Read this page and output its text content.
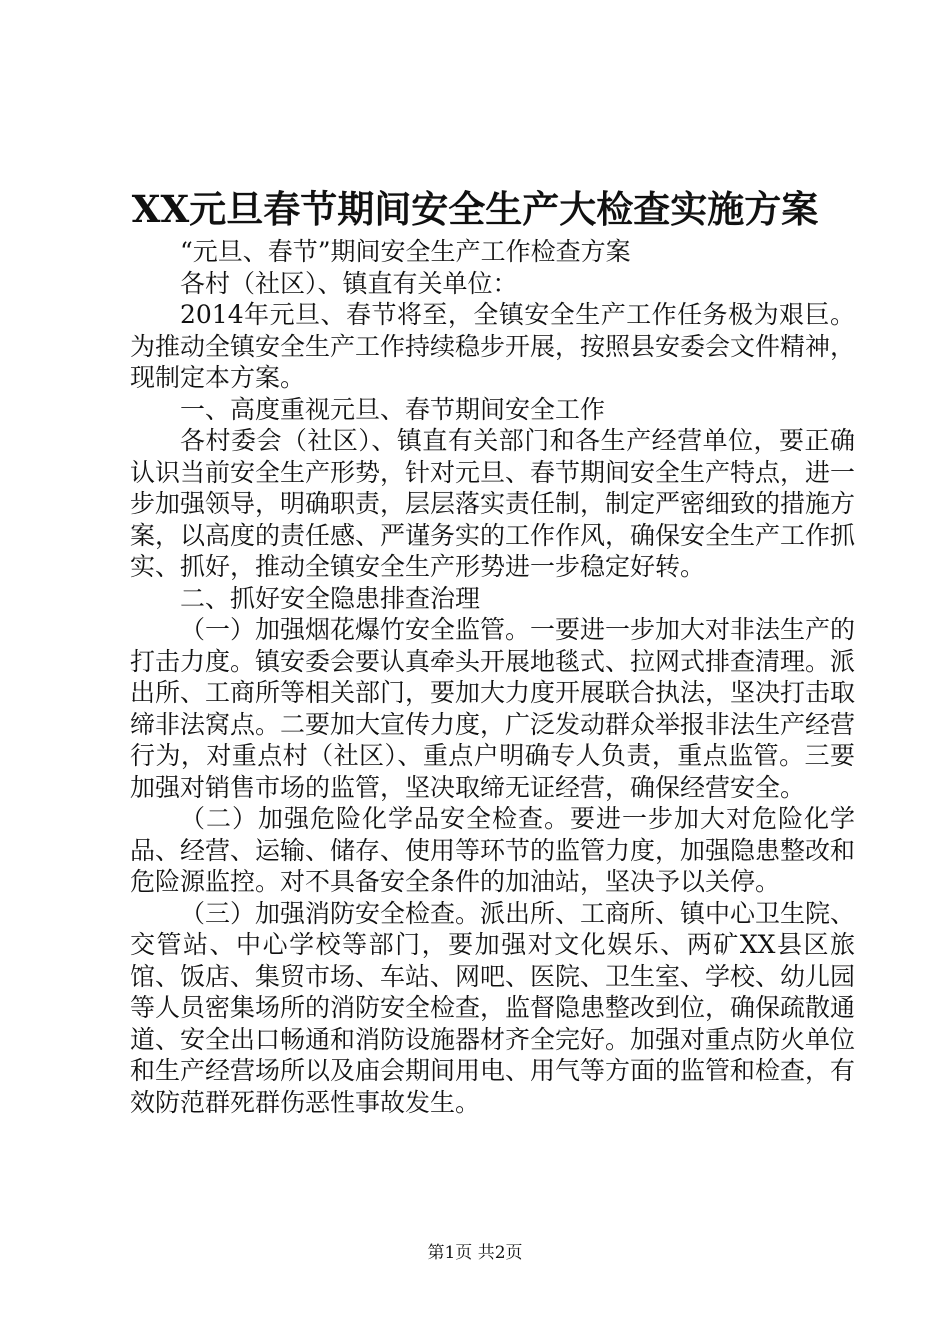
XX元旦春节期间安全生产大检查实施方案

“元旦、春节”期间安全生产工作检查方案

各村（社区）、镇直有关单位：

2014年元旦、春节将至，全镇安全生产工作任务极为艰巨。为推动全镇安全生产工作持续稳步开展，按照县安委会文件精神，现制定本方案。

一、高度重视元旦、春节期间安全工作

各村委会（社区）、镇直有关部门和各生产经营单位，要正确认识当前安全生产形势，针对元旦、春节期间安全生产特点，进一步加强领导，明确职责，层层落实责任制，制定严密细致的措施方案，以高度的责任感、严谨务实的工作作风，确保安全生产工作抓实、抓好，推动全镇安全生产形势进一步稳定好转。

二、抓好安全隐患排查治理

（一）加强烟花爆竹安全监管。一要进一步加大对非法生产的打击力度。镇安委会要认真牵头开展地毯式、拉网式排查清理。派出所、工商所等相关部门，要加大力度开展联合执法，坚决打击取缔非法窝点。二要加大宣传力度，广泛发动群众举报非法生产经营行为，对重点村（社区）、重点户明确专人负责，重点监管。三要加强对销售市场的监管，坚决取缔无证经营，确保经营安全。

（二）加强危险化学品安全检查。要进一步加大对危险化学品、经营、运输、储存、使用等环节的监管力度，加强隐患整改和危险源监控。对不具备安全条件的加油站，坚决予以关停。

（三）加强消防安全检查。派出所、工商所、镇中心卫生院、交管站、中心学校等部门，要加强对文化娱乐、两矿XX县区旅馆、饭店、集贸市场、车站、网吧、医院、卫生室、学校、幼儿园等人员密集场所的消防安全检查，监督隐患整改到位，确保疏散通道、安全出口畅通和消防设施器材齐全完好。加强对重点防火单位和生产经营场所以及庙会期间用电、用气等方面的监管和检查，有效防范群死群伤恶性事故发生。

第1页 共2页
